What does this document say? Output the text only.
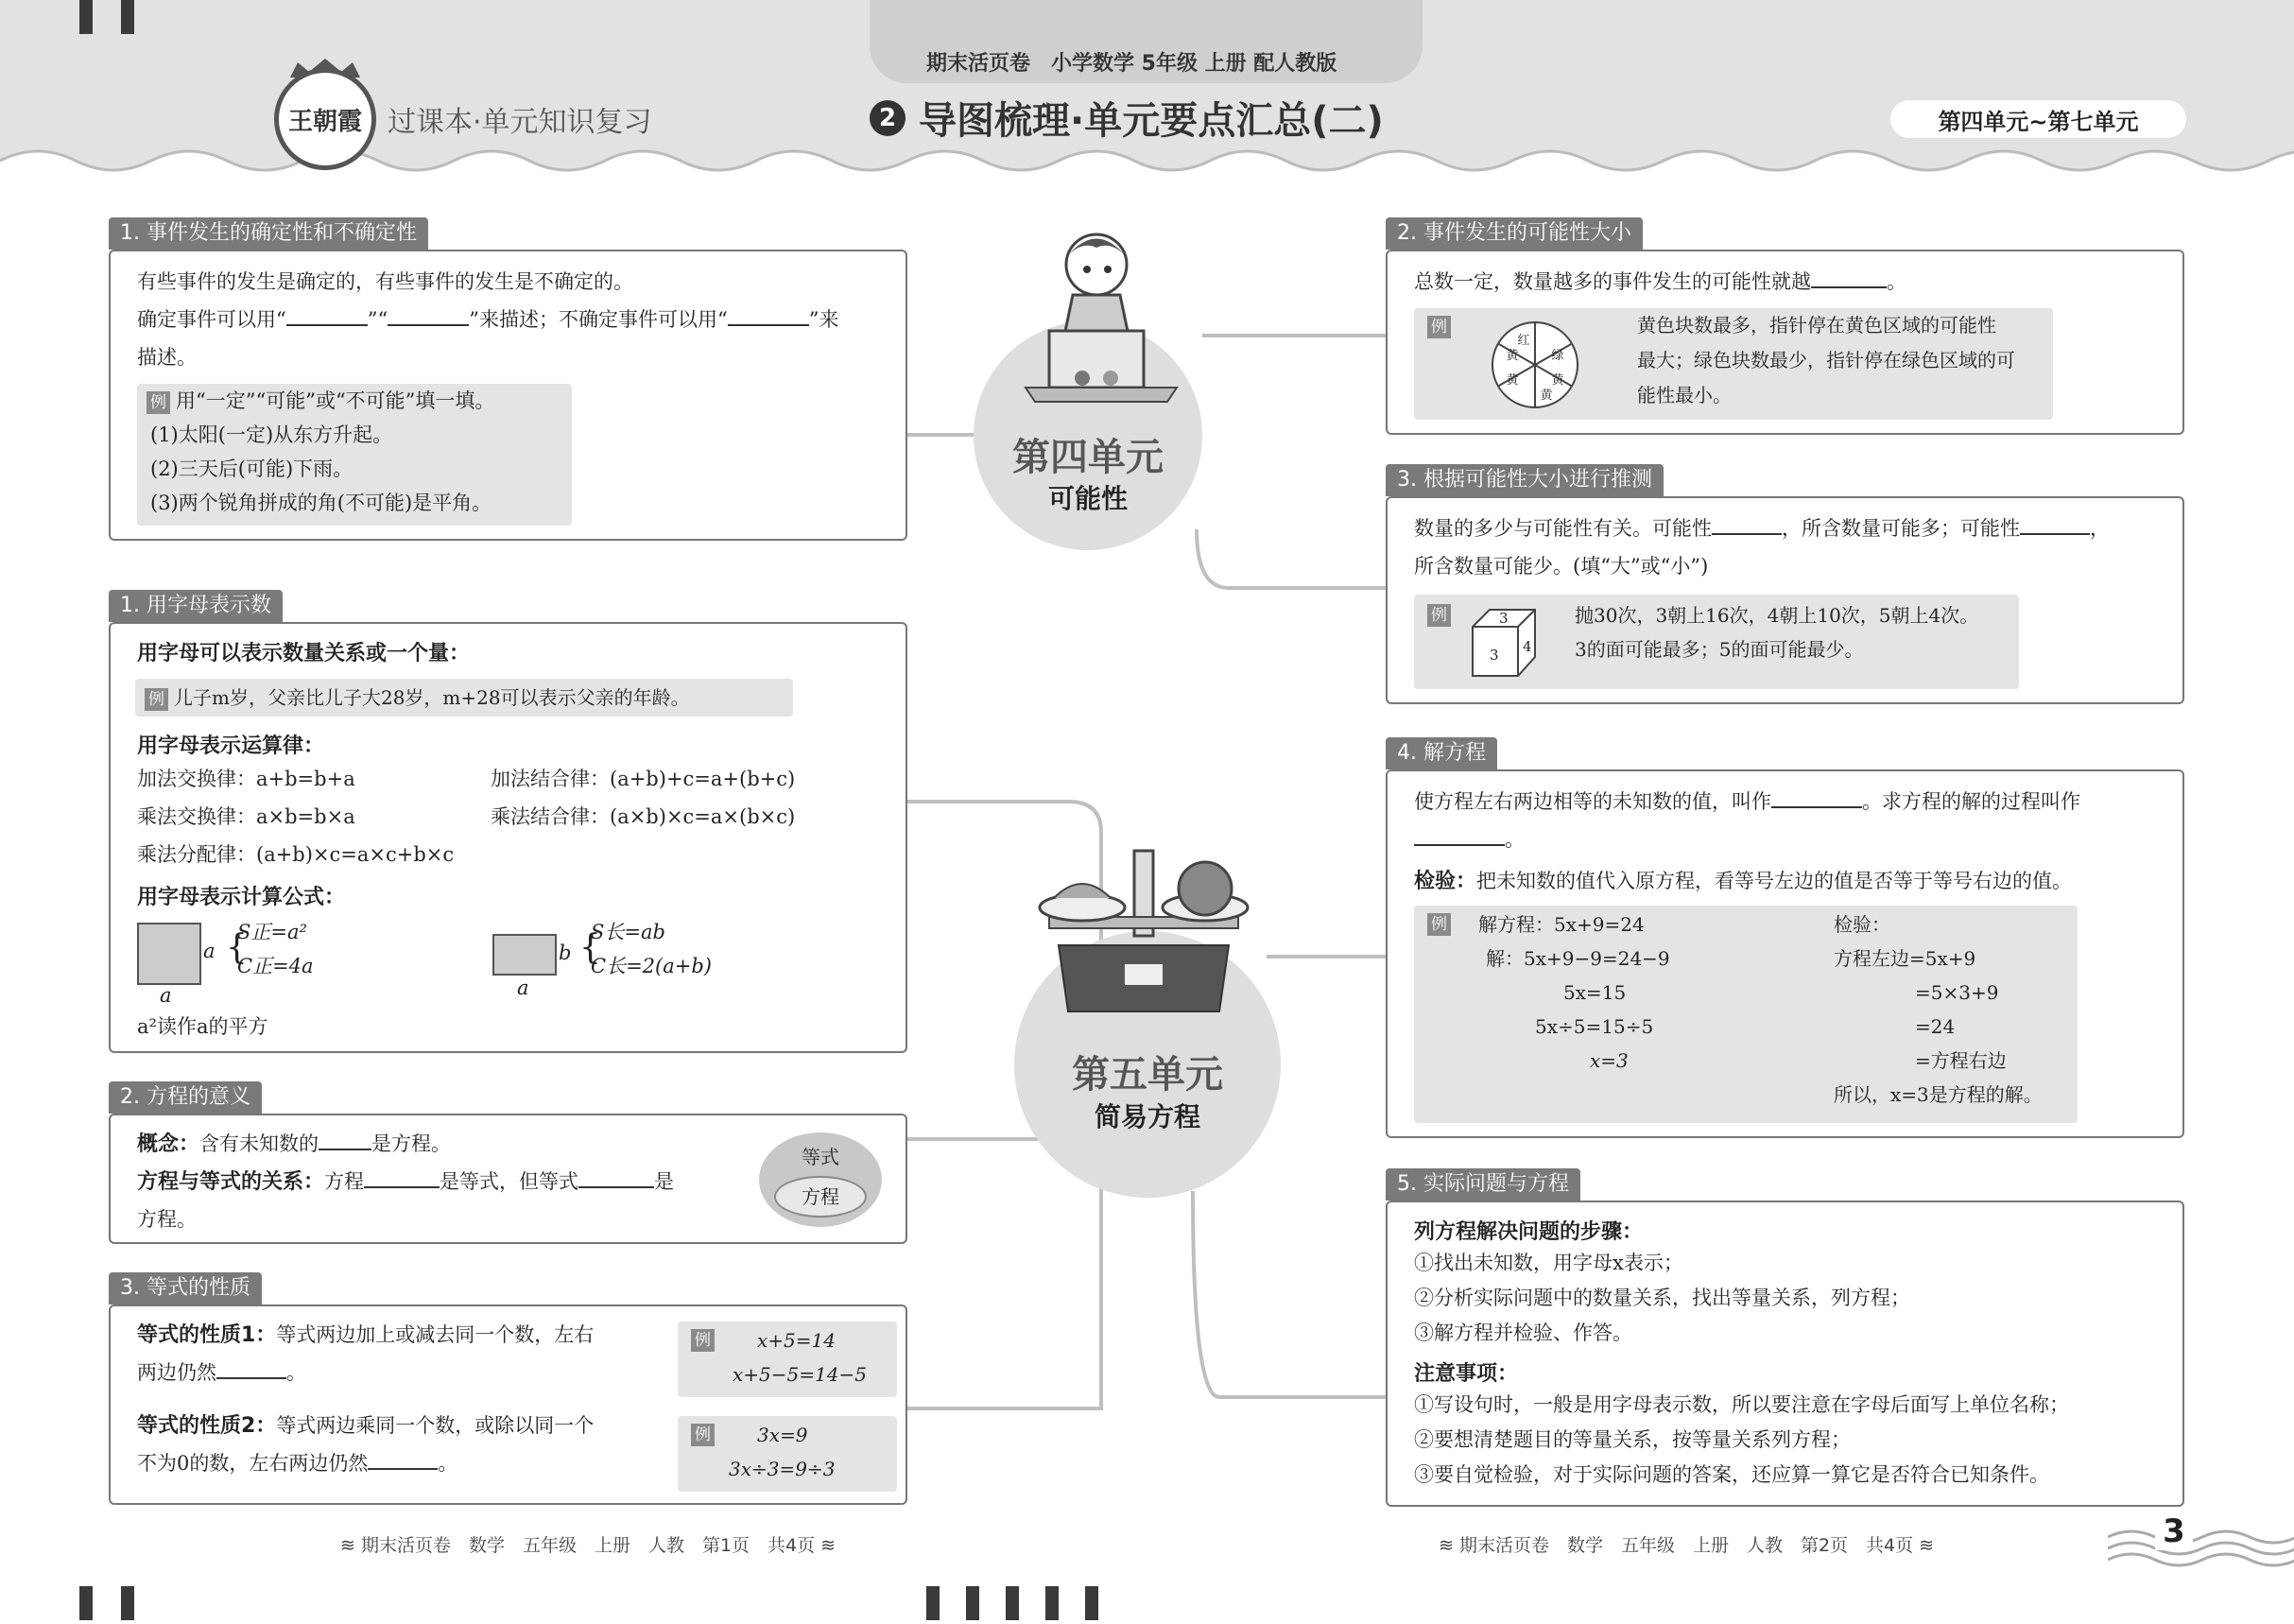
王朝霞 过课本·单元知识复习
期末活页卷　小学数学 5年级 上册 配人教版
2 导图梳理·单元要点汇总(二)	第四单元~第七单元
第四单元
可能性
第五单元
简易方程
1. 事件发生的确定性和不确定性
有些事件的发生是确定的，有些事件的发生是不确定的。
确定事件可以用“	”“	”来描述；不确定事件可以用“	”来
描述。
例 用“一定”“可能”或“不可能”填一填。
(1)太阳(一定)从东方升起。
(2)三天后(可能)下雨。
(3)两个锐角拼成的角(不可能)是平角。
2. 事件发生的可能性大小
总数一定，数量越多的事件发生的可能性就越	。
例
红
绿
黄
黄
黄
黄
黄色块数最多，指针停在黄色区域的可能性
最大；绿色块数最少，指针停在绿色区域的可
能性最小。
3. 根据可能性大小进行推测
数量的多少与可能性有关。可能性	，所含数量可能多；可能性	，
所含数量可能少。(填“大”或“小”)
例	3
4
3
抛30次，3朝上16次，4朝上10次，5朝上4次。
3的面可能最多；5的面可能最少。
1. 用字母表示数
用字母可以表示数量关系或一个量：
例 儿子m岁，父亲比儿子大28岁，m+28可以表示父亲的年龄。
用字母表示运算律：
加法交换律：a+b=b+a	加法结合律：(a+b)+c=a+(b+c)
乘法交换律：a×b=b×a	乘法结合律：(a×b)×c=a×(b×c)
乘法分配律：(a+b)×c=a×c+b×c
用字母表示计算公式：
a
a
{
S正=a²
C正=4a
b
a
{
S长=ab
C长=2(a+b)
a²读作a的平方
2. 方程的意义
概念：含有未知数的	是方程。
方程与等式的关系：方程	是等式，但等式	是
方程。
等式
方程
3. 等式的性质
等式的性质1：等式两边加上或减去同一个数，左右
两边仍然	。
等式的性质2：等式两边乘同一个数，或除以同一个
不为0的数，左右两边仍然	。
例 x+5=14
x+5−5=14−5
例 3x=9
3x÷3=9÷3
4. 解方程
使方程左右两边相等的未知数的值，叫作	。求方程的解的过程叫作
。
检验：把未知数的值代入原方程，看等号左边的值是否等于等号右边的值。
例 解方程：5x+9=24
解：5x+9−9=24−9
5x=15
5x÷5=15÷5
x=3
检验：
方程左边=5x+9
=5×3+9
=24
=方程右边
所以，x=3是方程的解。
5. 实际问题与方程
列方程解决问题的步骤：
①找出未知数，用字母x表示；
②分析实际问题中的数量关系，找出等量关系，列方程；
③解方程并检验、作答。
注意事项：
①写设句时，一般是用字母表示数，所以要注意在字母后面写上单位名称；
②要想清楚题目的等量关系，按等量关系列方程；
③要自觉检验，对于实际问题的答案，还应算一算它是否符合已知条件。
≋ 期末活页卷　数学　五年级　上册　人教　第1页　共4页 ≋	≋ 期末活页卷　数学　五年级　上册　人教　第2页　共4页 ≋	3
